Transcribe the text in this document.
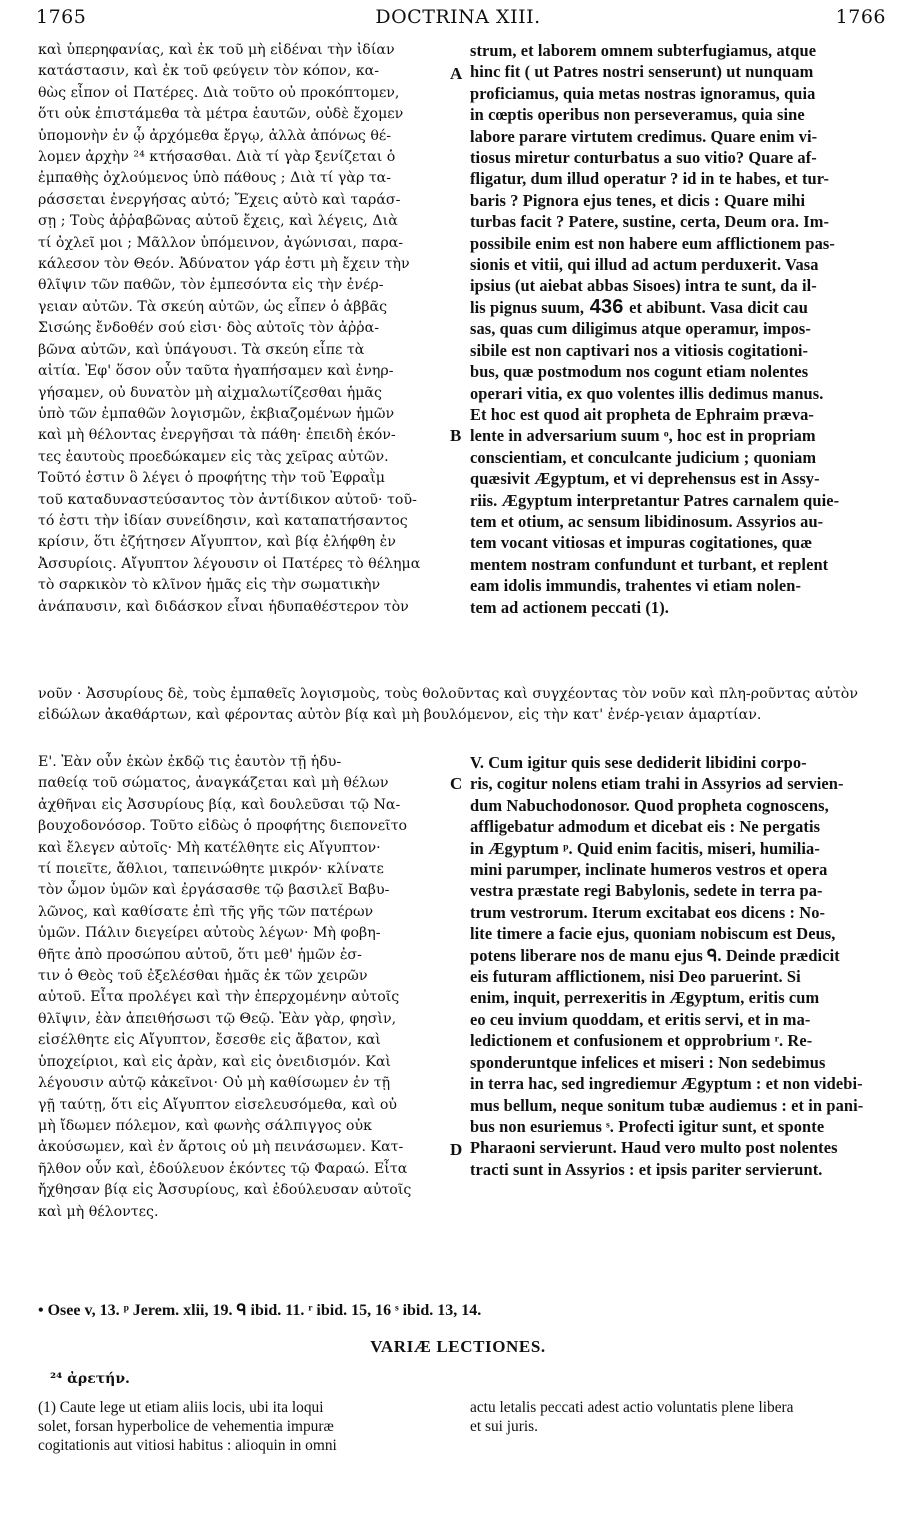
DOCTRINA XIII.
1765	1766
καὶ ὑπερηφανίας, καὶ ἐκ τοῦ μὴ εἰδέναι τὴν ἰδίαν
κατάστασιν, καὶ ἐκ τοῦ φεύγειν τὸν κόπον, κα-
θὼς εἶπον οἱ Πατέρες. Διὰ τοῦτο οὐ προκόπτομεν,
ὅτι οὐκ ἐπιστάμεθα τὰ μέτρα ἑαυτῶν, οὐδὲ ἔχομεν
ὑπομονὴν ἐν ᾧ ἀρχόμεθα ἔργῳ, ἀλλὰ ἀπόνως θέ-
λομεν ἀρχὴν ²⁴ κτήσασθαι. Διὰ τί γὰρ ξενίζεται ὁ
ἐμπαθὴς ὀχλούμενος ὑπὸ πάθους ; Διὰ τί γὰρ τα-
ράσσεται ἐνεργήσας αὐτό; Ἔχεις αὐτὸ καὶ ταράσ-
σῃ ; Τοὺς ἀῤῥαβῶνας αὐτοῦ ἔχεις, καὶ λέγεις, Διὰ
τί ὀχλεῖ μοι ; Μᾶλλον ὑπόμεινον, ἀγώνισαι, παρα-
κάλεσον τὸν Θεόν. Ἀδύνατον γάρ ἐστι μὴ ἔχειν τὴν
θλῖψιν τῶν παθῶν, τὸν ἐμπεσόντα εἰς τὴν ἐνέρ-
γειαν αὐτῶν. Τὰ σκεύη αὐτῶν, ὡς εἶπεν ὁ ἀββᾶς
Σισώης ἔνδοθέν σού εἰσι· δὸς αὐτοῖς τὸν ἀῤῥα-
βῶνα αὐτῶν, καὶ ὑπάγουσι. Τὰ σκεύη εἶπε τὰ
αἰτία. Ἐφ' ὅσον οὖν ταῦτα ἠγαπήσαμεν καὶ ἐνηρ-
γήσαμεν, οὐ δυνατὸν μὴ αἰχμαλωτίζεσθαι ἡμᾶς
ὑπὸ τῶν ἐμπαθῶν λογισμῶν, ἐκβιαζομένων ἡμῶν
καὶ μὴ θέλοντας ἐνεργῆσαι τὰ πάθη· ἐπειδὴ ἑκόν-
τες ἑαυτοὺς προεδώκαμεν εἰς τὰς χεῖρας αὐτῶν.
Τοῦτό ἐστιν ὃ λέγει ὁ προφήτης τὴν τοῦ Ἐφραῒμ
τοῦ καταδυναστεύσαντος τὸν ἀντίδικον αὐτοῦ· τοῦ-
τό ἐστι τὴν ἰδίαν συνείδησιν, καὶ καταπατήσαντος
κρίσιν, ὅτι ἐζήτησεν Αἴγυπτον, καὶ βίᾳ ἐλήφθη ἐν
Ἀσσυρίοις. Αἴγυπτον λέγουσιν οἱ Πατέρες τὸ θέλημα
τὸ σαρκικὸν τὸ κλῖνον ἡμᾶς εἰς τὴν σωματικὴν
ἀνάπαυσιν, καὶ διδάσκον εἶναι ἡδυπαθέστερον τὸν
strum, et laborem omnem subterfugiamus, atque
hinc fit ( ut Patres nostri senserunt) ut nunquam
proficiamus, quia metas nostras ignoramus, quia
in cœptis operibus non perseveramus, quia sine
labore parare virtutem credimus. Quare enim vi-
tiosus miretur conturbatus a suo vitio? Quare af-
fligatur, dum illud operatur ? id in te habes, et tur-
baris ? Pignora ejus tenes, et dicis : Quare mihi
turbas facit ? Patere, sustine, certa, Deum ora. Im-
possibile enim est non habere eum afflictionem pas-
sionis et vitii, qui illud ad actum perduxerit. Vasa
ipsius (ut aiebat abbas Sisoes) intra te sunt, da il-
lis pignus suum, 436 et abibunt. Vasa dicit cau
sas, quas cum diligimus atque operamur, impos-
sibile est non captivari nos a vitiosis cogitationi-
bus, quæ postmodum nos cogunt etiam nolentes
operari vitia, ex quo volentes illis dedimus manus.
Et hoc est quod ait propheta de Ephraim præva-
lente in adversarium suum ᵒ, hoc est in propriam
conscientiam, et conculcante judicium ; quoniam
quæsivit Ægyptum, et vi deprehensus est in Assy-
riis. Ægyptum interpretantur Patres carnalem quie-
tem et otium, ac sensum libidinosum. Assyrios au-
tem vocant vitiosas et impuras cogitationes, quæ
mentem nostram confundunt et turbant, et replent
eam idolis immundis, trahentes vi etiam nolen-
tem ad actionem peccati (1).
νοῦν · Ἀσσυρίους δὲ, τοὺς ἐμπαθεῖς λογισμοὺς, τοὺς θολοῦντας καὶ συγχέοντας τὸν νοῦν καὶ πλη-ροῦντας αὐτὸν εἰδώλων ἀκαθάρτων, καὶ φέροντας αὐτὸν βίᾳ καὶ μὴ βουλόμενον, εἰς τὴν κατ' ἐνέρ-γειαν ἁμαρτίαν.
Ε'. Ἐὰν οὖν ἑκὼν ἐκδῷ τις ἑαυτὸν τῇ ἡδυ-
παθείᾳ τοῦ σώματος, ἀναγκάζεται καὶ μὴ θέλων
ἀχθῆναι εἰς Ἀσσυρίους βίᾳ, καὶ δουλεῦσαι τῷ Να-
βουχοδονόσορ. Τοῦτο εἰδὼς ὁ προφήτης διεπονεῖτο
καὶ ἔλεγεν αὐτοῖς· Μὴ κατέλθητε εἰς Αἴγυπτον·
τί ποιεῖτε, ἄθλιοι, ταπεινώθητε μικρόν· κλίνατε
τὸν ὦμον ὑμῶν καὶ ἐργάσασθε τῷ βασιλεῖ Βαβυ-
λῶνος, καὶ καθίσατε ἐπὶ τῆς γῆς τῶν πατέρων
ὑμῶν. Πάλιν διεγείρει αὐτοὺς λέγων· Μὴ φοβη-
θῆτε ἀπὸ προσώπου αὐτοῦ, ὅτι μεθ' ἡμῶν ἐσ-
τιν ὁ Θεὸς τοῦ ἐξελέσθαι ἡμᾶς ἐκ τῶν χειρῶν
αὐτοῦ. Εἶτα προλέγει καὶ τὴν ἐπερχομένην αὐτοῖς
θλῖψιν, ἐὰν ἀπειθήσωσι τῷ Θεῷ. Ἐὰν γὰρ, φησὶν,
εἰσέλθητε εἰς Αἴγυπτον, ἔσεσθε εἰς ἄβατον, καὶ
ὑποχείριοι, καὶ εἰς ἀρὰν, καὶ εἰς ὀνειδισμόν. Καὶ
λέγουσιν αὐτῷ κἀκεῖνοι· Οὐ μὴ καθίσωμεν ἐν τῇ
γῇ ταύτῃ, ὅτι εἰς Αἴγυπτον εἰσελευσόμεθα, καὶ οὐ
μὴ ἴδωμεν πόλεμον, καὶ φωνὴς σάλπιγγος οὐκ
ἀκούσωμεν, καὶ ἐν ἄρτοις οὐ μὴ πεινάσωμεν. Κατ-
ῆλθον οὖν καὶ, ἐδούλευον ἑκόντες τῷ Φαραώ. Εἶτα
ἤχθησαν βίᾳ εἰς Ἀσσυρίους, καὶ ἐδούλευσαν αὐτοῖς
καὶ μὴ θέλοντες.
V. Cum igitur quis sese dediderit libidini corpo-
ris, cogitur nolens etiam trahi in Assyrios ad servien-
dum Nabuchodonosor. Quod propheta cognoscens,
affligebatur admodum et dicebat eis : Ne pergatis
in Ægyptum ᵖ. Quid enim facitis, miseri, humilia-
mini parumper, inclinate humeros vestros et opera
vestra præstate regi Babylonis, sedete in terra pa-
trum vestrorum. Iterum excitabat eos dicens : No-
lite timere a facie ejus, quoniam nobiscum est Deus,
potens liberare nos de manu ejus ᑫ. Deinde prædicit
eis futuram afflictionem, nisi Deo paruerint. Si
enim, inquit, perrexeritis in Ægyptum, eritis cum
eo ceu invium quoddam, et eritis servi, et in ma-
ledictionem et confusionem et opprobrium ʳ. Re-
sponderuntque infelices et miseri : Non sedebimus
in terra hac, sed ingrediemur Ægyptum : et non videbi-
mus bellum, neque sonitum tubæ audiemus : et in pani-
bus non esuriemus ˢ. Profecti igitur sunt, et sponte
Pharaoni servierunt. Haud vero multo post nolentes
tracti sunt in Assyrios : et ipsis pariter servierunt.
A
B
C
D
• Osee v, 13. ᵖ Jerem. xlii, 19. ᑫ ibid. 11. ʳ ibid. 15, 16 ˢ ibid. 13, 14.
VARIÆ LECTIONES.
²⁴ ἀρετήν.
(1) Caute lege ut etiam aliis locis, ubi ita loqui
solet, forsan hyperbolice de vehementia impuræ
cogitationis aut vitiosi habitus : alioquin in omni
actu letalis peccati adest actio voluntatis plene libera
et sui juris.
